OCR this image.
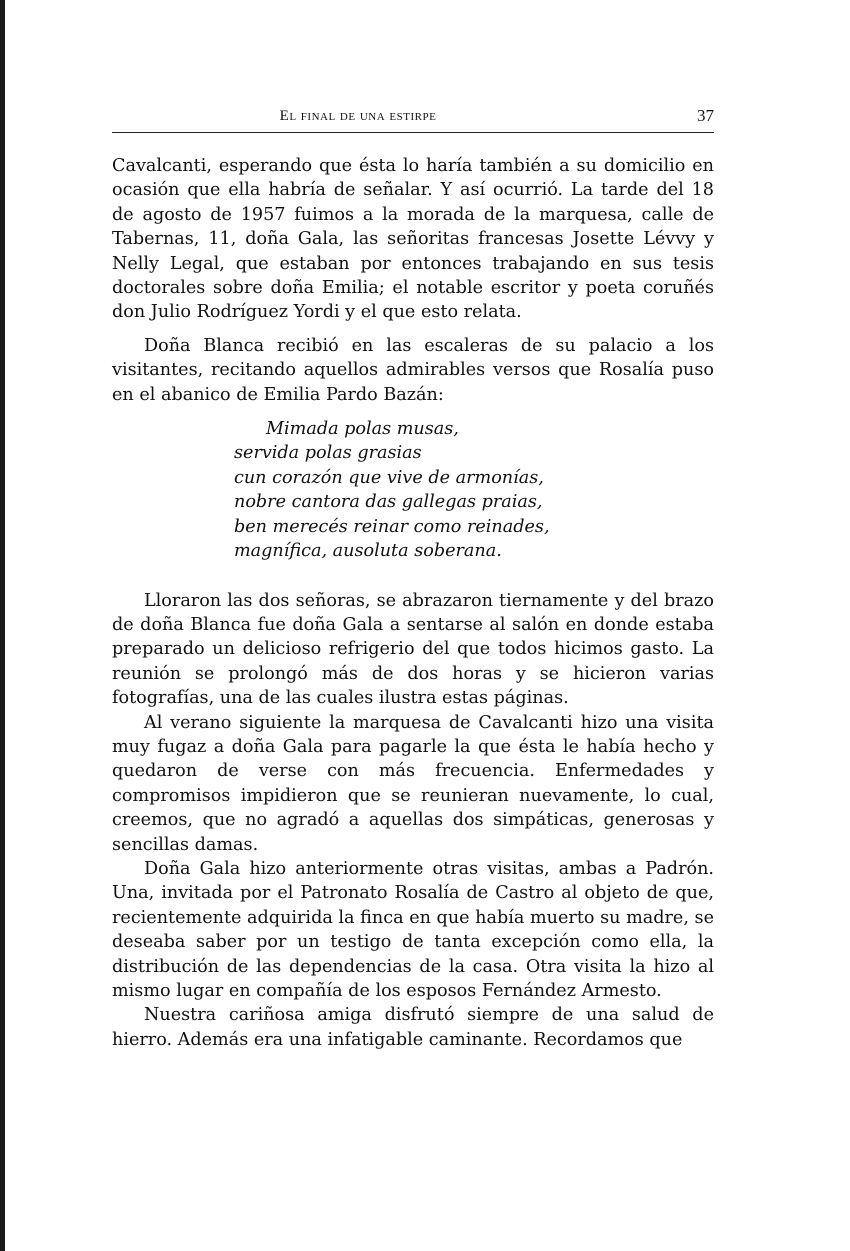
El final de una estirpe	37

Cavalcanti, esperando que ésta lo haría también a su domicilio en ocasión que ella habría de señalar. Y así ocurrió. La tarde del 18 de agosto de 1957 fuimos a la morada de la marquesa, calle de Tabernas, 11, doña Gala, las señoritas francesas Josette Lévvy y Nelly Legal, que estaban por entonces trabajando en sus tesis doctorales sobre doña Emilia; el notable escritor y poeta coruñés don Julio Rodríguez Yordi y el que esto relata.

Doña Blanca recibió en las escaleras de su palacio a los visitantes, recitando aquellos admirables versos que Rosalía puso en el abanico de Emilia Pardo Bazán:

Mimada polas musas,
servida polas grasias
cun corazón que vive de armonías,
nobre cantora das gallegas praias,
ben merecés reinar como reinades,
magnífica, ausoluta soberana.

Lloraron las dos señoras, se abrazaron tiernamente y del brazo de doña Blanca fue doña Gala a sentarse al salón en donde estaba preparado un delicioso refrigerio del que todos hicimos gasto. La reunión se prolongó más de dos horas y se hicieron varias fotografías, una de las cuales ilustra estas páginas.

Al verano siguiente la marquesa de Cavalcanti hizo una visita muy fugaz a doña Gala para pagarle la que ésta le había hecho y quedaron de verse con más frecuencia. Enfermedades y compromisos impidieron que se reunieran nuevamente, lo cual, creemos, que no agradó a aquellas dos simpáticas, generosas y sencillas damas.

Doña Gala hizo anteriormente otras visitas, ambas a Padrón. Una, invitada por el Patronato Rosalía de Castro al objeto de que, recientemente adquirida la finca en que había muerto su madre, se deseaba saber por un testigo de tanta excepción como ella, la distribución de las dependencias de la casa. Otra visita la hizo al mismo lugar en compañía de los esposos Fernández Armesto.

Nuestra cariñosa amiga disfrutó siempre de una salud de hierro. Además era una infatigable caminante. Recordamos que
